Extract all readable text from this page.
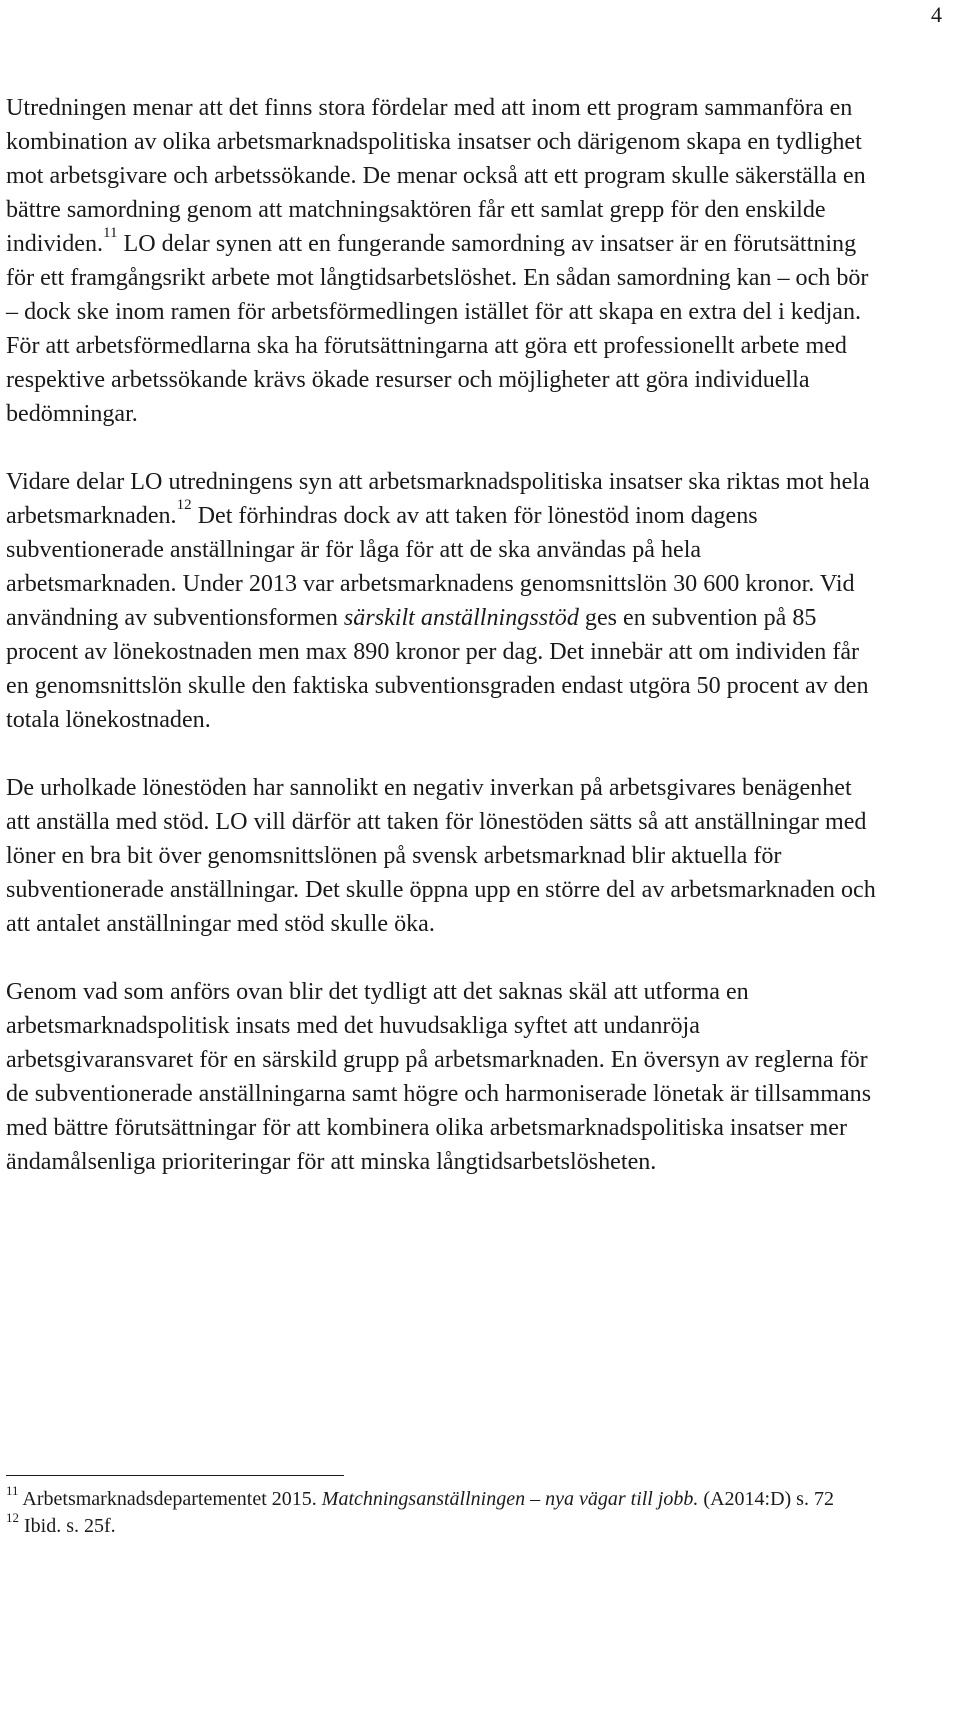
4

Utredningen menar att det finns stora fördelar med att inom ett program sammanföra en kombination av olika arbetsmarknadspolitiska insatser och därigenom skapa en tydlighet mot arbetsgivare och arbetssökande. De menar också att ett program skulle säkerställa en bättre samordning genom att matchningsaktören får ett samlat grepp för den enskilde individen.$^{11}$ LO delar synen att en fungerande samordning av insatser är en förutsättning för ett framgångsrikt arbete mot långtidsarbetslöshet. En sådan samordning kan – och bör – dock ske inom ramen för arbetsförmedlingen istället för att skapa en extra del i kedjan. För att arbetsförmedlarna ska ha förutsättningarna att göra ett professionellt arbete med respektive arbetssökande krävs ökade resurser och möjligheter att göra individuella bedömningar.

Vidare delar LO utredningens syn att arbetsmarknadspolitiska insatser ska riktas mot hela arbetsmarknaden.$^{12}$ Det förhindras dock av att taken för lönestöd inom dagens subventionerade anställningar är för låga för att de ska användas på hela arbetsmarknaden. Under 2013 var arbetsmarknadens genomsnittslön 30 600 kronor. Vid användning av subventionsformen särskilt anställningsstöd ges en subvention på 85 procent av lönekostnaden men max 890 kronor per dag. Det innebär att om individen får en genomsnittslön skulle den faktiska subventionsgraden endast utgöra 50 procent av den totala lönekostnaden.

De urholkade lönestöden har sannolikt en negativ inverkan på arbetsgivares benägenhet att anställa med stöd. LO vill därför att taken för lönestöden sätts så att anställningar med löner en bra bit över genomsnittslönen på svensk arbetsmarknad blir aktuella för subventionerade anställningar. Det skulle öppna upp en större del av arbetsmarknaden och att antalet anställningar med stöd skulle öka.

Genom vad som anförs ovan blir det tydligt att det saknas skäl att utforma en arbetsmarknadspolitisk insats med det huvudsakliga syftet att undanröja arbetsgivaransvaret för en särskild grupp på arbetsmarknaden. En översyn av reglerna för de subventionerade anställningarna samt högre och harmoniserade lönetak är tillsammans med bättre förutsättningar för att kombinera olika arbetsmarknadspolitiska insatser mer ändamålsenliga prioriteringar för att minska långtidsarbetslösheten.

$^{11}$ Arbetsmarknadsdepartementet 2015. Matchningsanställningen – nya vägar till jobb. (A2014:D) s. 72

$^{12}$ Ibid. s. 25f.
